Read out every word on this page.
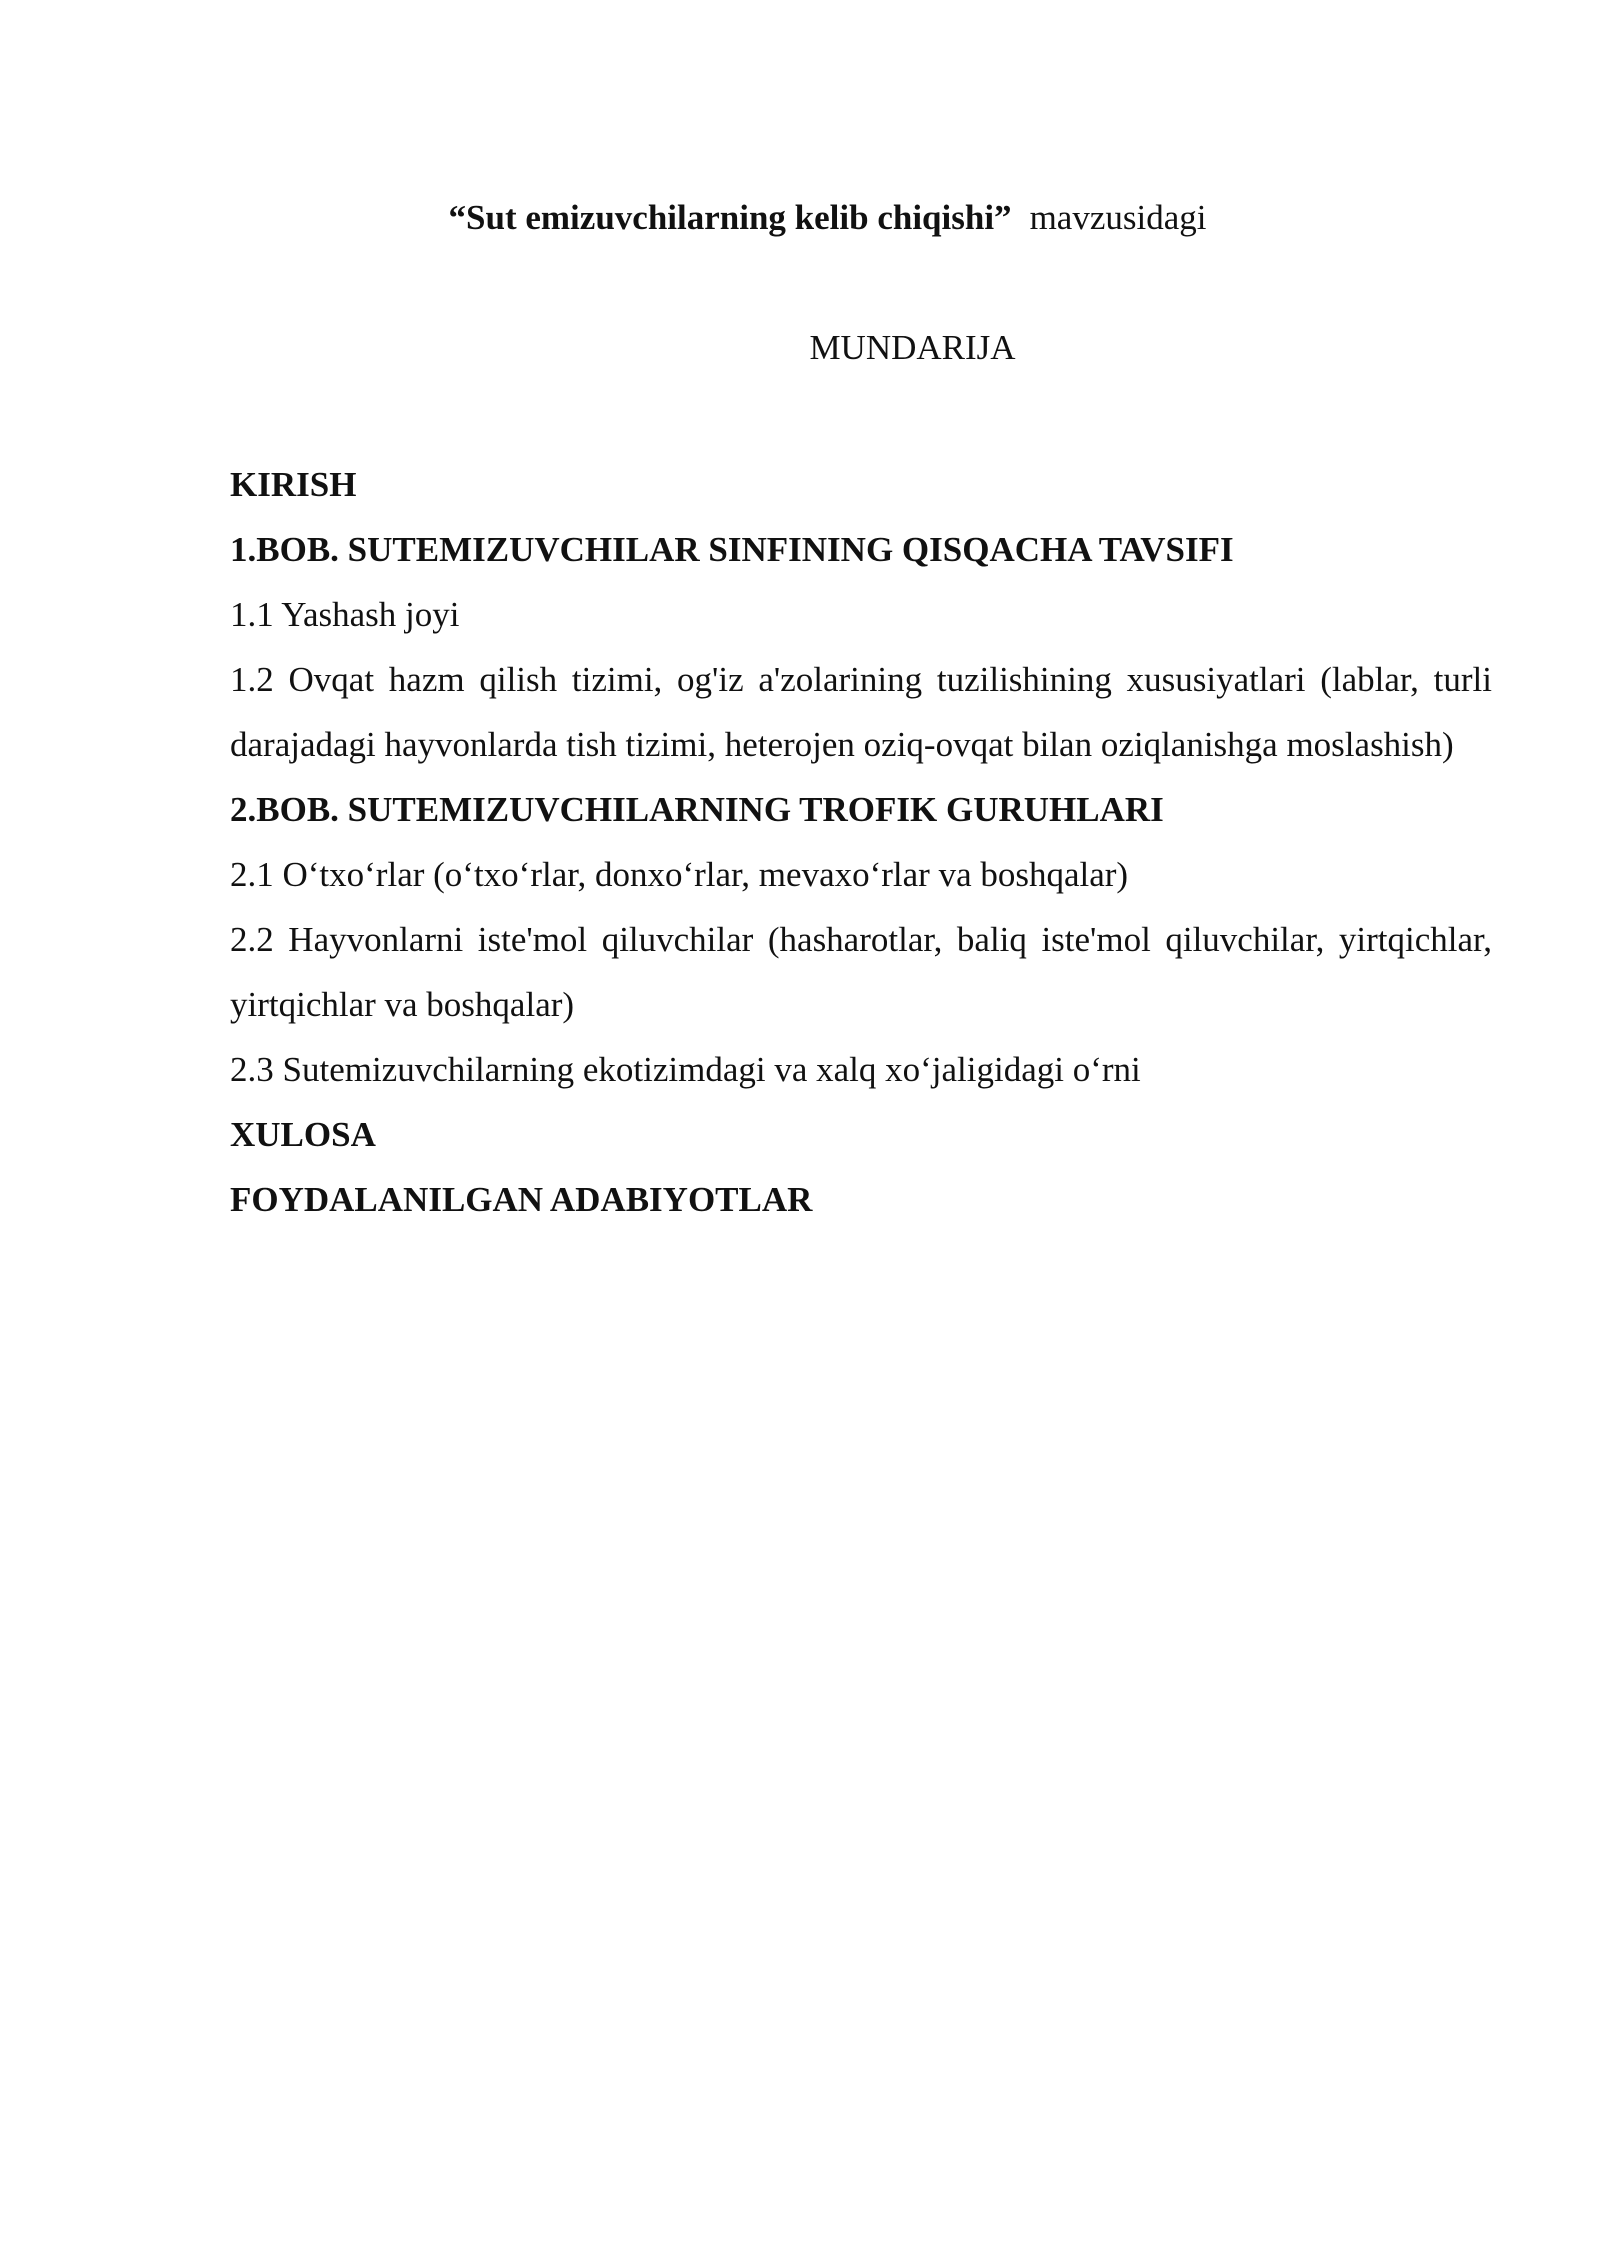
“Sut emizuvchilarning kelib chiqishi” mavzusidagi
MUNDARIJA

KIRISH

1.BOB. SUTEMIZUVCHILAR SINFINING QISQACHA TAVSIFI

1.1 Yashash joyi

1.2 Ovqat hazm qilish tizimi, og'iz a'zolarining tuzilishining xususiyatlari (lablar, turli darajadagi hayvonlarda tish tizimi, heterojen oziq-ovqat bilan oziqlanishga moslashish)

2.BOB. SUTEMIZUVCHILARNING TROFIK GURUHLARI

2.1 O‘txo‘rlar (o‘txo‘rlar, donxo‘rlar, mevaxo‘rlar va boshqalar)

2.2 Hayvonlarni iste'mol qiluvchilar (hasharotlar, baliq iste'mol qiluvchilar, yirtqichlar, yirtqichlar va boshqalar)

2.3 Sutemizuvchilarning ekotizimdagi va xalq xo‘jaligidagi o‘rni

XULOSA

FOYDALANILGAN ADABIYOTLAR
